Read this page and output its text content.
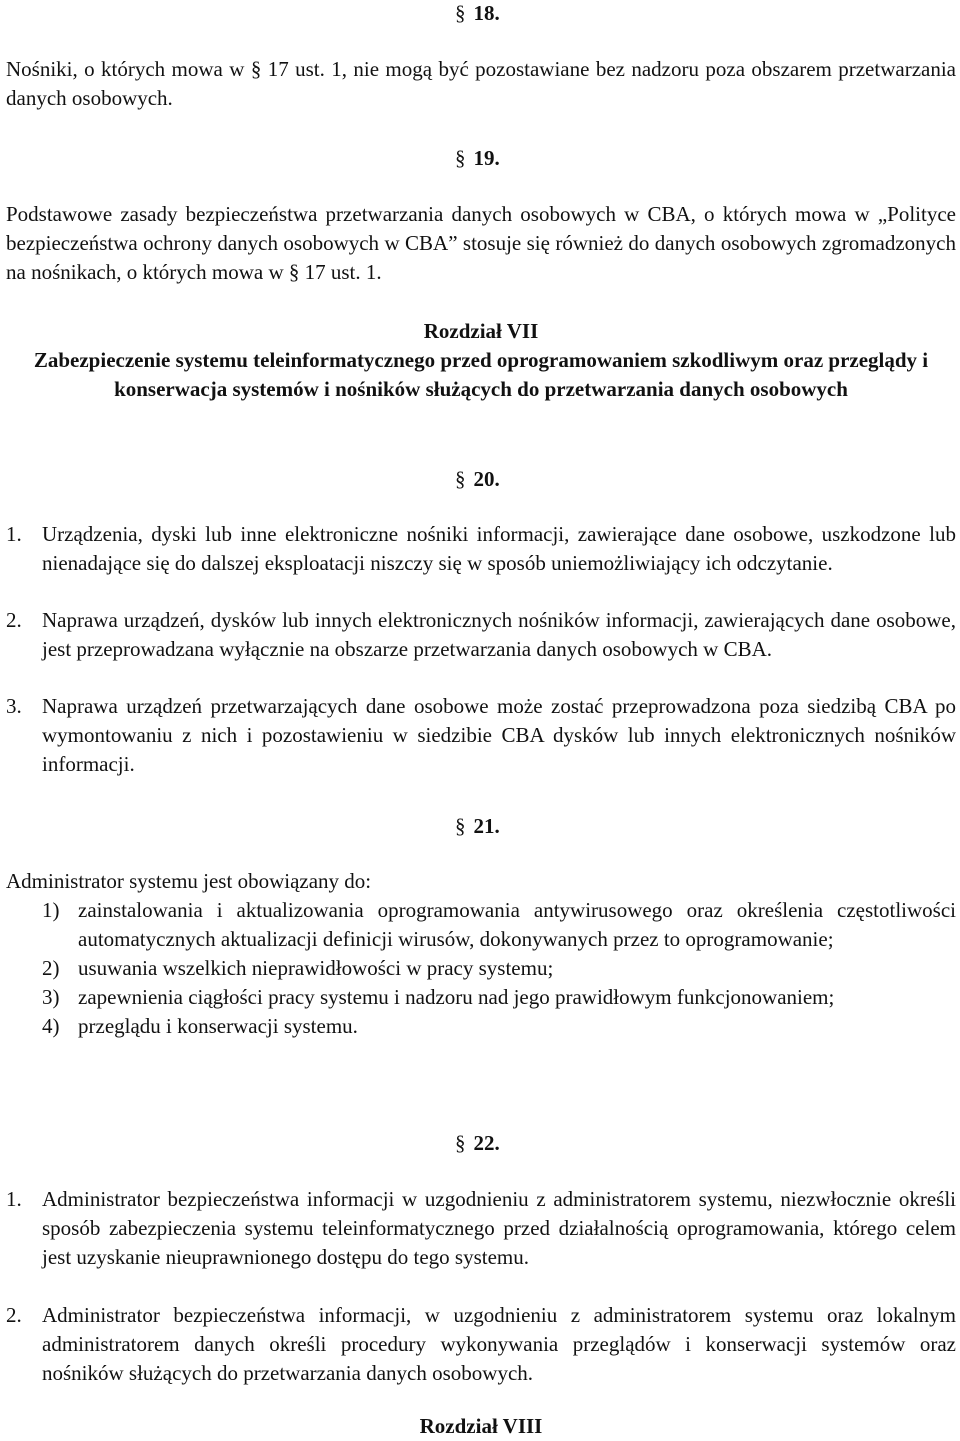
§ 18.
Nośniki, o których mowa w § 17 ust. 1, nie mogą być pozostawiane bez nadzoru poza obszarem przetwarzania danych osobowych.
§ 19.
Podstawowe zasady bezpieczeństwa przetwarzania danych osobowych w CBA, o których mowa w „Polityce bezpieczeństwa ochrony danych osobowych w CBA” stosuje się również do danych osobowych zgromadzonych na nośnikach, o których mowa w § 17 ust. 1.
Rozdział VII
Zabezpieczenie systemu teleinformatycznego przed oprogramowaniem szkodliwym oraz przeglądy i konserwacja systemów i nośników służących do przetwarzania danych osobowych
§ 20.
1. Urządzenia, dyski lub inne elektroniczne nośniki informacji, zawierające dane osobowe, uszkodzone lub nienadające się do dalszej eksploatacji niszczy się w sposób uniemożliwiający ich odczytanie.
2. Naprawa urządzeń, dysków lub innych elektronicznych nośników informacji, zawierających dane osobowe, jest przeprowadzana wyłącznie na obszarze przetwarzania danych osobowych w CBA.
3. Naprawa urządzeń przetwarzających dane osobowe może zostać przeprowadzona poza siedzibą CBA po wymontowaniu z nich i pozostawieniu w siedzibie CBA dysków lub innych elektronicznych nośników informacji.
§ 21.
Administrator systemu jest obowiązany do:
1) zainstalowania i aktualizowania oprogramowania antywirusowego oraz określenia częstotliwości automatycznych aktualizacji definicji wirusów, dokonywanych przez to oprogramowanie;
2) usuwania wszelkich nieprawidłowości w pracy systemu;
3) zapewnienia ciągłości pracy systemu i nadzoru nad jego prawidłowym funkcjonowaniem;
4) przeglądu i konserwacji systemu.
§ 22.
1. Administrator bezpieczeństwa informacji w uzgodnieniu z administratorem systemu, niezwłocznie określi sposób zabezpieczenia systemu teleinformatycznego przed działalnością oprogramowania, którego celem jest uzyskanie nieuprawnionego dostępu do tego systemu.
2. Administrator bezpieczeństwa informacji, w uzgodnieniu z administratorem systemu oraz lokalnym administratorem danych określi procedury wykonywania przeglądów i konserwacji systemów oraz nośników służących do przetwarzania danych osobowych.
Rozdział VIII
